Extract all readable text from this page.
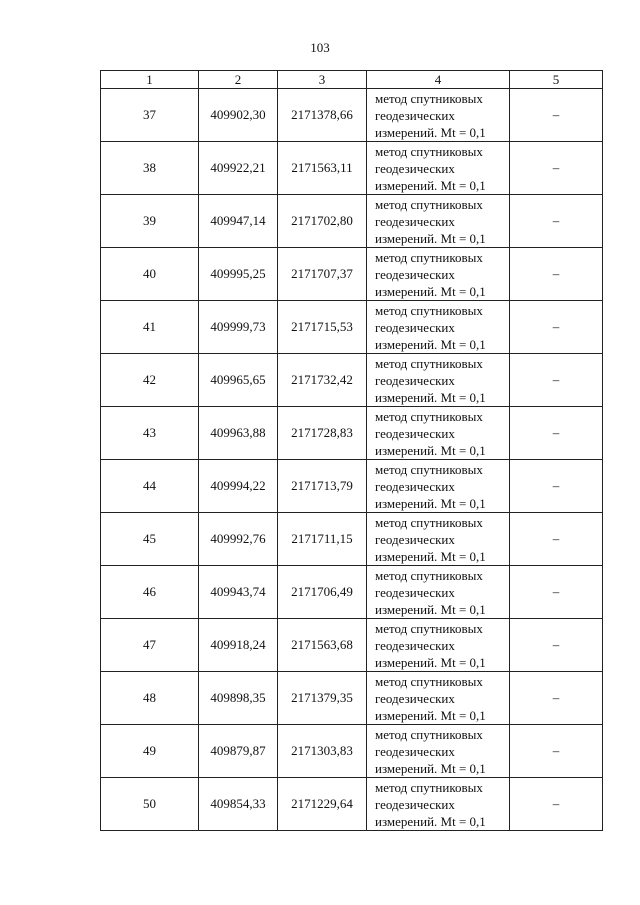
103
1	2	3	4	5
37	409902,30	2171378,66	метод спутниковых
геодезических
измерений. Mt = 0,1	–
38	409922,21	2171563,11	метод спутниковых
геодезических
измерений. Mt = 0,1	–
39	409947,14	2171702,80	метод спутниковых
геодезических
измерений. Mt = 0,1	–
40	409995,25	2171707,37	метод спутниковых
геодезических
измерений. Mt = 0,1	–
41	409999,73	2171715,53	метод спутниковых
геодезических
измерений. Mt = 0,1	–
42	409965,65	2171732,42	метод спутниковых
геодезических
измерений. Mt = 0,1	–
43	409963,88	2171728,83	метод спутниковых
геодезических
измерений. Mt = 0,1	–
44	409994,22	2171713,79	метод спутниковых
геодезических
измерений. Mt = 0,1	–
45	409992,76	2171711,15	метод спутниковых
геодезических
измерений. Mt = 0,1	–
46	409943,74	2171706,49	метод спутниковых
геодезических
измерений. Mt = 0,1	–
47	409918,24	2171563,68	метод спутниковых
геодезических
измерений. Mt = 0,1	–
48	409898,35	2171379,35	метод спутниковых
геодезических
измерений. Mt = 0,1	–
49	409879,87	2171303,83	метод спутниковых
геодезических
измерений. Mt = 0,1	–
50	409854,33	2171229,64	метод спутниковых
геодезических
измерений. Mt = 0,1	–
